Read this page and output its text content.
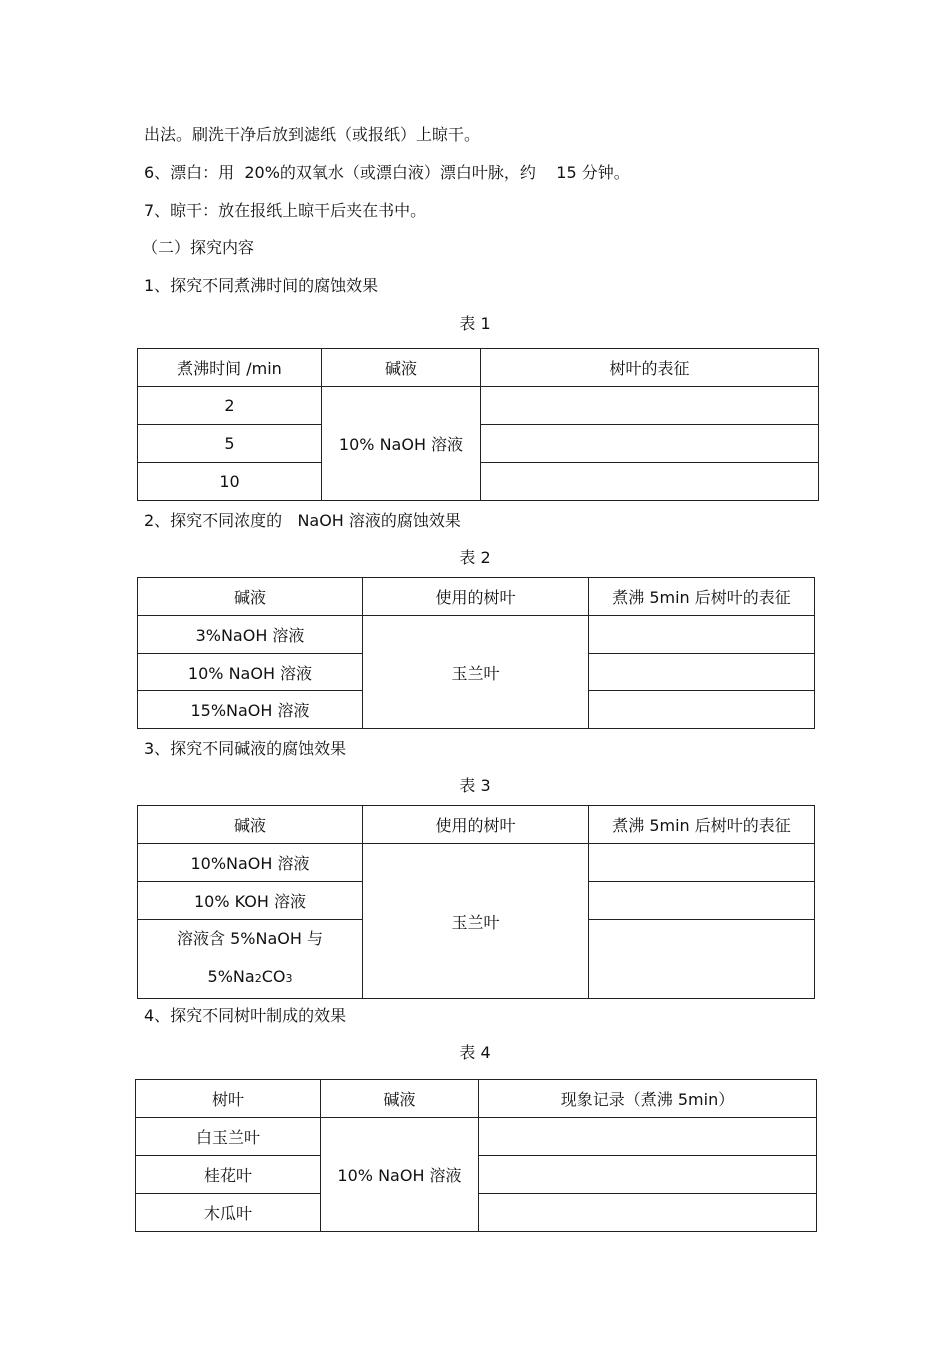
出法。刷洗干净后放到滤纸（或报纸）上晾干。
6、漂白：用  20%的双氧水（或漂白液）漂白叶脉，约    15 分钟。
7、晾干：放在报纸上晾干后夹在书中。
（二）探究内容
1、探究不同煮沸时间的腐蚀效果
表 1
煮沸时间 /min	碱液	树叶的表征
2	10% NaOH 溶液	
5		
10		
2、探究不同浓度的   NaOH 溶液的腐蚀效果
表 2
碱液	使用的树叶	煮沸 5min 后树叶的表征
3%NaOH 溶液	玉兰叶	
10% NaOH 溶液		
15%NaOH 溶液		
3、探究不同碱液的腐蚀效果
表 3
碱液	使用的树叶	煮沸 5min 后树叶的表征
10%NaOH 溶液	玉兰叶	
10% KOH 溶液		

溶液含 5%NaOH 与
5%Na2CO3		

4、探究不同树叶制成的效果
表 4
树叶	碱液	现象记录（煮沸 5min）
白玉兰叶	10% NaOH 溶液	
桂花叶		
木瓜叶		
